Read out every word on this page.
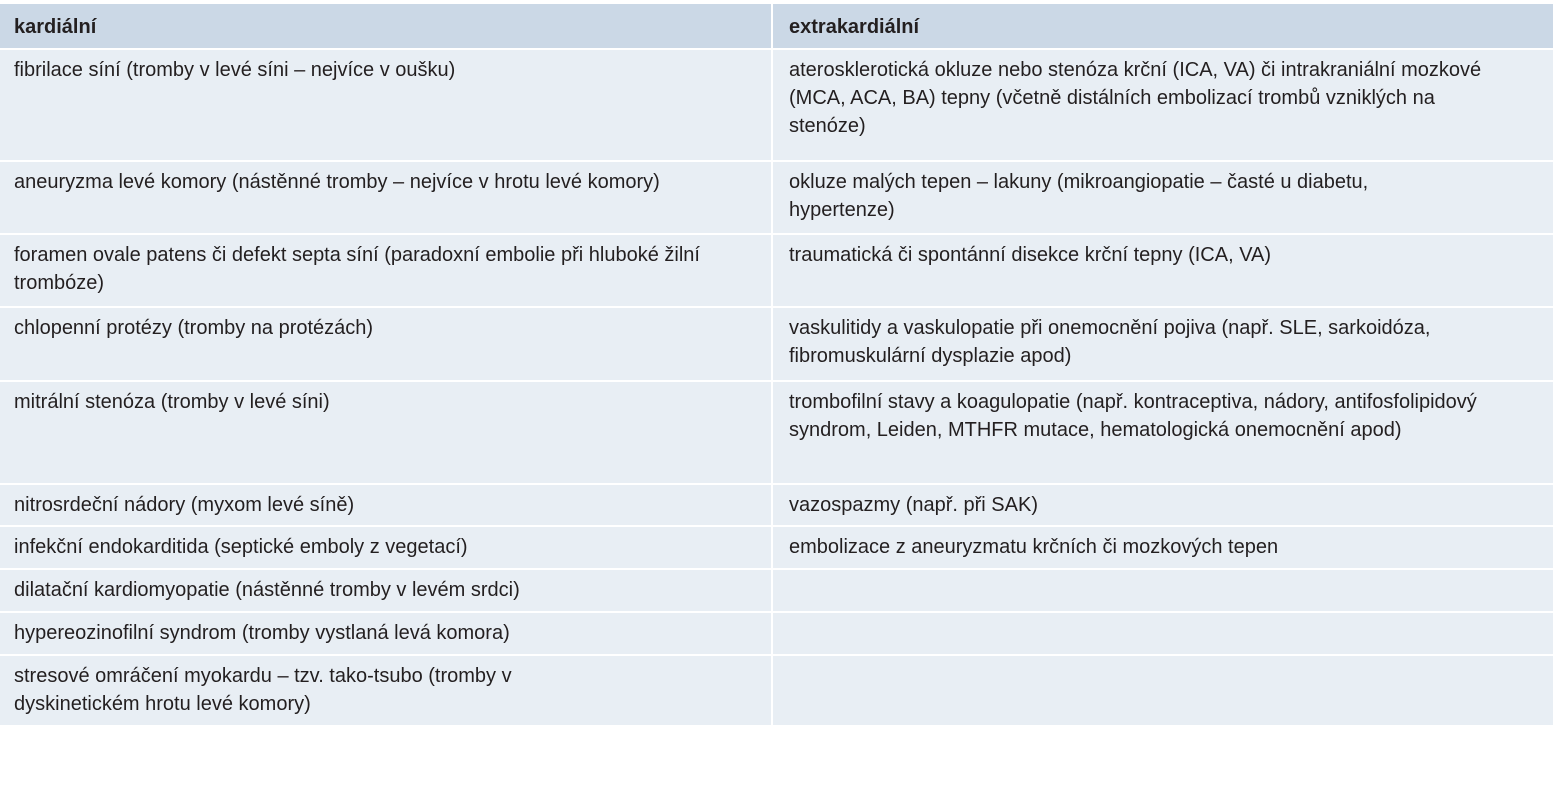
kardiální	extrakardiální

fibrilace síní (tromby v levé síni – nejvíce v oušku)	aterosklerotická okluze nebo stenóza krční (ICA, VA) či intrakraniální mozkové (MCA, ACA, BA) tepny (včetně distálních embolizací trombů vzniklých na stenóze)

aneuryzma levé komory (nástěnné tromby – nejvíce v hrotu levé komory)	okluze malých tepen – lakuny (mikroangiopatie – časté u diabetu, hypertenze)

foramen ovale patens či defekt septa síní (paradoxní embolie při hluboké žilní trombóze)	traumatická či spontánní disekce krční tepny (ICA, VA)

chlopenní protézy (tromby na protézách)	vaskulitidy a vaskulopatie při onemocnění pojiva (např. SLE, sarkoidóza, fibromuskulární dysplazie apod)

mitrální stenóza (tromby v levé síni)	trombofilní stavy a koagulopatie (např. kontraceptiva, nádory, antifosfolipidový syndrom, Leiden, MTHFR mutace, hematologická onemocnění apod)

nitrosrdeční nádory (myxom levé síně)	vazospazmy (např. při SAK)

infekční endokarditida (septické emboly z vegetací)	embolizace z aneuryzmatu krčních či mozkových tepen

dilatační kardiomyopatie (nástěnné tromby v levém srdci)	

hypereozinofilní syndrom (tromby vystlaná levá komora)	

stresové omráčení myokardu – tzv. tako-tsubo (tromby v dyskinetickém hrotu levé komory)	
